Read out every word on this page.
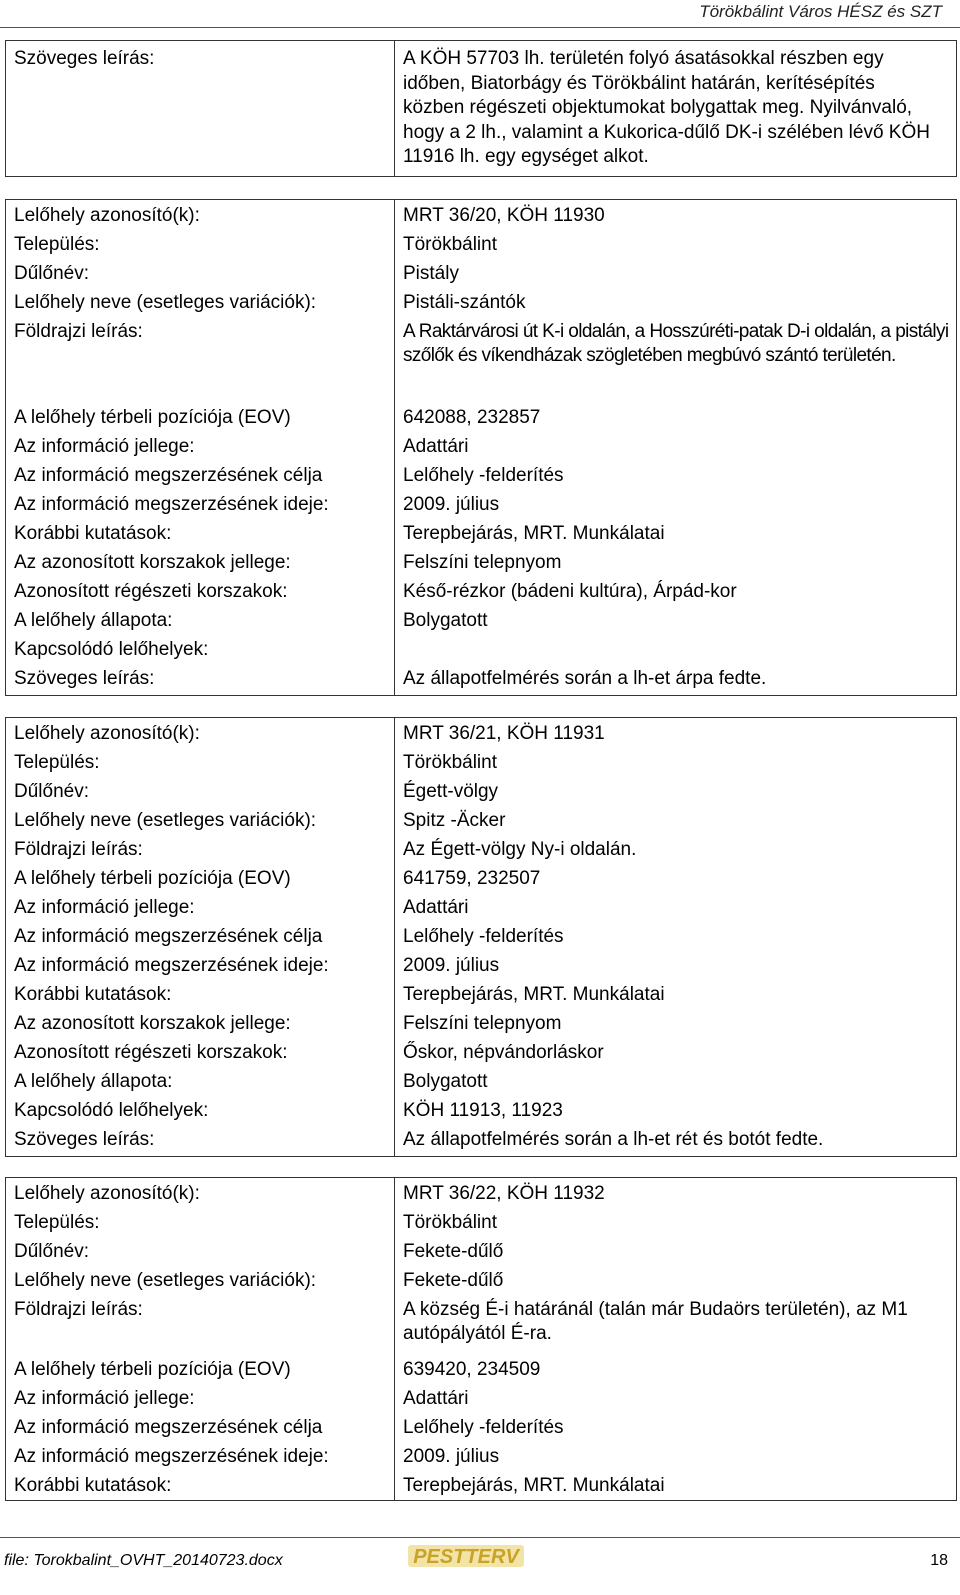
Törökbálint Város HÉSZ és SZT
Szöveges leírás:	A KÖH 57703 lh. területén folyó ásatásokkal részben egy időben, Biatorbágy és Törökbálint határán, kerítésépítés közben régészeti objektumokat bolygattak meg. Nyilvánvaló, hogy a 2 lh., valamint a Kukorica-dűlő DK-i szélében lévő KÖH 11916 lh. egy egységet alkot.
Lelőhely azonosító(k):	MRT 36/20, KÖH 11930
Település:	Törökbálint
Dűlőnév:	Pistály
Lelőhely neve (esetleges variációk):	Pistáli-szántók
Földrajzi leírás:	A Raktárvárosi út K-i oldalán, a Hosszúréti-patak D-i oldalán, a pistályi szőlők és víkendházak szögletében megbúvó szántó területén.
A lelőhely térbeli pozíciója (EOV)	642088, 232857
Az információ jellege:	Adattári
Az információ megszerzésének célja	Lelőhely -felderítés
Az információ megszerzésének ideje:	2009. július
Korábbi kutatások:	Terepbejárás, MRT. Munkálatai
Az azonosított korszakok jellege:	Felszíni telepnyom
Azonosított régészeti korszakok:	Késő-rézkor (bádeni kultúra), Árpád-kor
A lelőhely állapota:	Bolygatott
Kapcsolódó lelőhelyek:
Szöveges leírás:	Az állapotfelmérés során a lh-et árpa fedte.
Lelőhely azonosító(k):	MRT 36/21, KÖH 11931
Település:	Törökbálint
Dűlőnév:	Égett-völgy
Lelőhely neve (esetleges variációk):	Spitz -Äcker
Földrajzi leírás:	Az Égett-völgy Ny-i oldalán.
A lelőhely térbeli pozíciója (EOV)	641759, 232507
Az információ jellege:	Adattári
Az információ megszerzésének célja	Lelőhely -felderítés
Az információ megszerzésének ideje:	2009. július
Korábbi kutatások:	Terepbejárás, MRT. Munkálatai
Az azonosított korszakok jellege:	Felszíni telepnyom
Azonosított régészeti korszakok:	Őskor, népvándorláskor
A lelőhely állapota:	Bolygatott
Kapcsolódó lelőhelyek:	KÖH 11913, 11923
Szöveges leírás:	Az állapotfelmérés során a lh-et rét és botót fedte.
Lelőhely azonosító(k):	MRT 36/22, KÖH 11932
Település:	Törökbálint
Dűlőnév:	Fekete-dűlő
Lelőhely neve (esetleges variációk):	Fekete-dűlő
Földrajzi leírás:	A község É-i határánál (talán már Budaörs területén), az M1 autópályától É-ra.
A lelőhely térbeli pozíciója (EOV)	639420, 234509
Az információ jellege:	Adattári
Az információ megszerzésének célja	Lelőhely -felderítés
Az információ megszerzésének ideje:	2009. július
Korábbi kutatások:	Terepbejárás, MRT. Munkálatai
file: Torokbalint_OVHT_20140723.docx	PESTTERV	18
